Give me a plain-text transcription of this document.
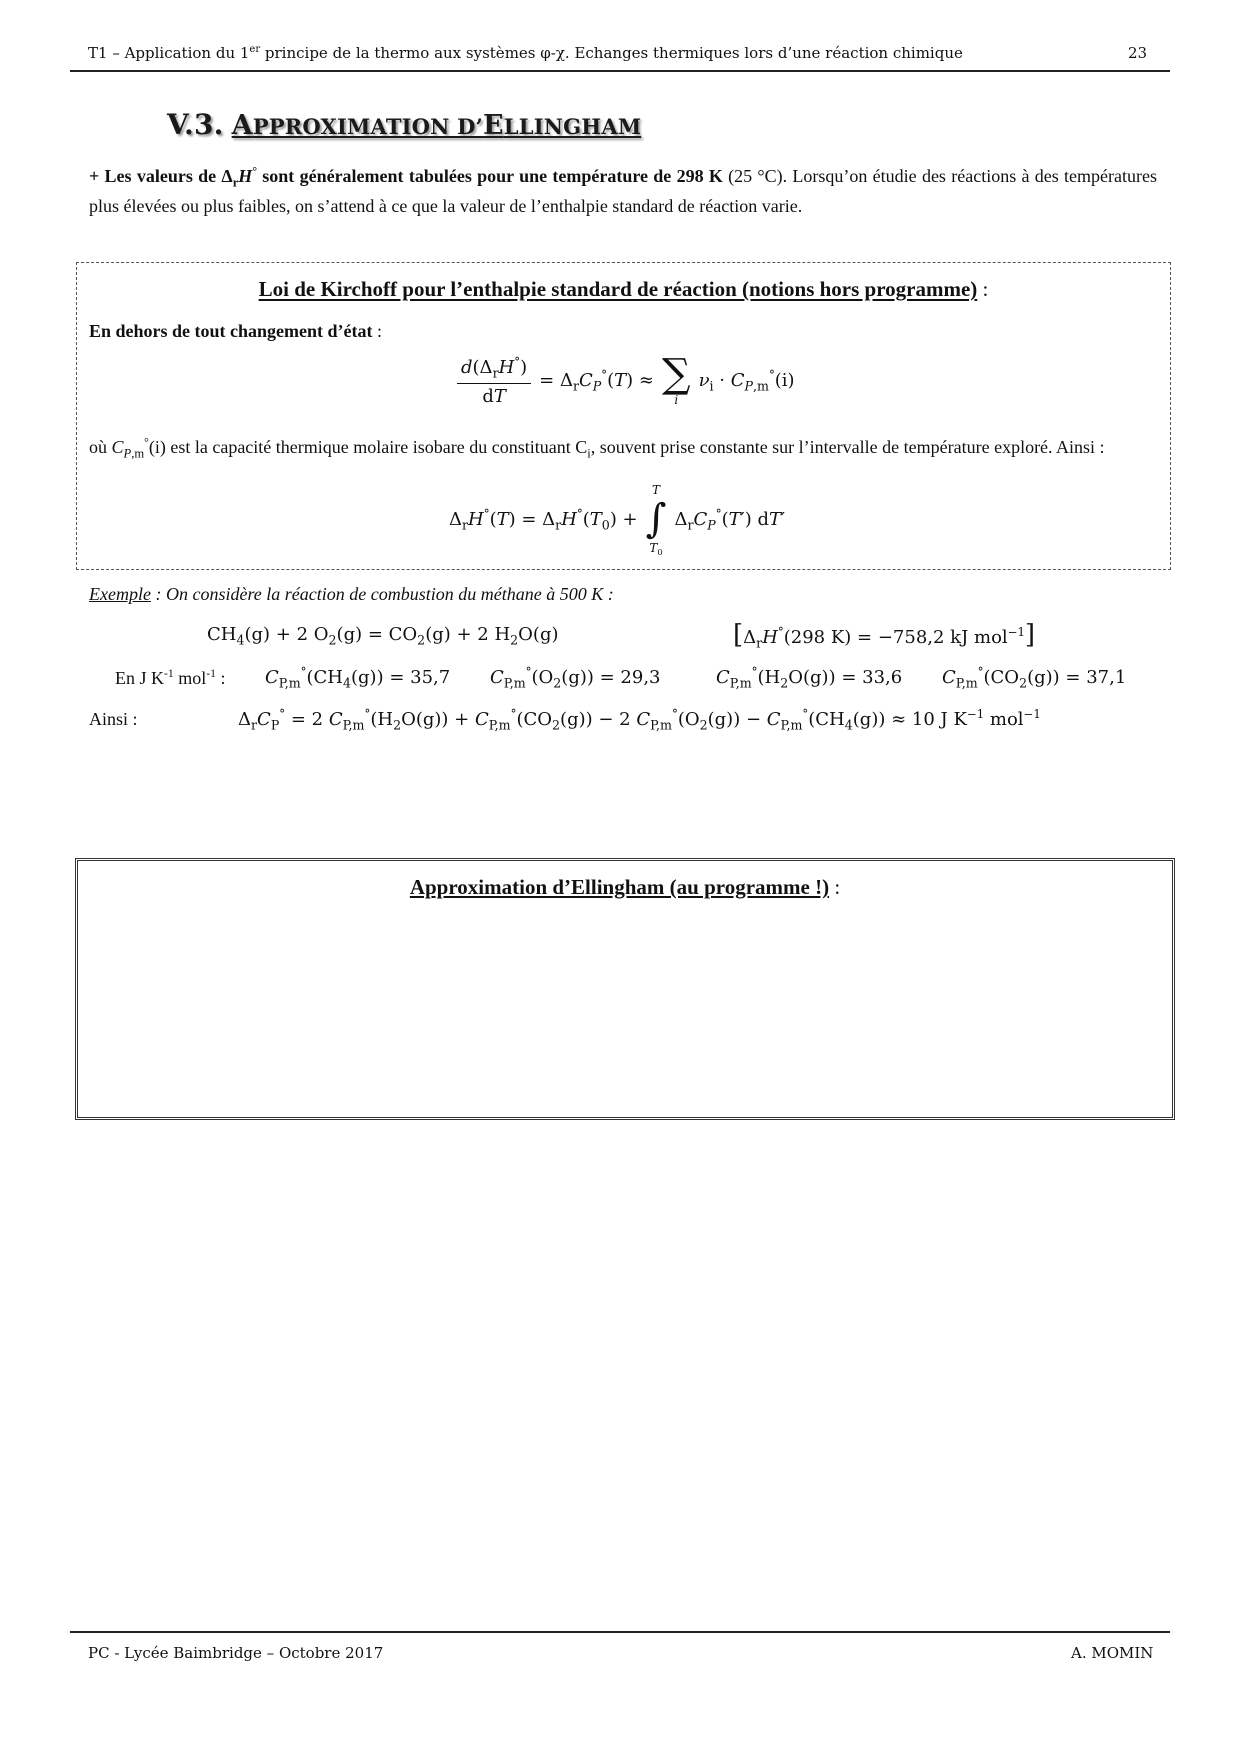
T1 – Application du 1er principe de la thermo aux systèmes φ-χ. Echanges thermiques lors d’une réaction chimique	23
V.3. APPROXIMATION D’ELLINGHAM
+ Les valeurs de $\Delta_rH^\circ$ sont généralement tabulées pour une température de 298 K (25 °C). Lorsqu’on étudie des réactions à des températures plus élevées ou plus faibles, on s’attend à ce que la valeur de l’enthalpie standard de réaction varie.
Loi de Kirchoff pour l’enthalpie standard de réaction (notions hors programme) :
En dehors de tout changement d’état :
$\frac{d(\Delta_rH^\circ)}{dT} = \Delta_rC_P^\circ(T)$ ≈ ∑
i
$\nu_i \cdot C_{P,m}^\circ(i)$
où $C_{P,m}^\circ(i)$ est la capacité thermique molaire isobare du constituant $C_i$, souvent prise constante sur l’intervalle de température exploré. Ainsi :
$\Delta_rH^\circ(T) = \Delta_rH^\circ(T_0)$ +
T
∫
$T_0$
$\Delta_rC_P^\circ(T')$ dT′
Exemple : On considère la réaction de combustion du méthane à 500 K :
$CH_4(g) + 2$ $O_2(g) = CO_2(g) + 2$ $H_2O(g)$	[$\Delta_rH^\circ(298$ K) = −758,2 kJ mol$^{-1}$]
En J $K^{-1}$ mol$^{-1}$ : $C_{P,m}^\circ(CH_4(g)) = 35,7$ $C_{P,m}^\circ(O_2(g)) = 29,3$	$C_{P,m}^\circ(H_2O(g)) = 33,6$ $C_{P,m}^\circ(CO_2(g)) = 37,1$
Ainsi :	$\Delta_rC_P^\circ = 2$ $C_{P,m}^\circ(H_2O(g)) + C_{P,m}^\circ(CO_2(g)) - 2$ $C_{P,m}^\circ(O_2(g)) - C_{P,m}^\circ(CH_4(g)) \approx 10$ J $K^{-1}$ mol$^{-1}$
Approximation d’Ellingham (au programme !) :
PC - Lycée Baimbridge – Octobre 2017	A. MOMIN
